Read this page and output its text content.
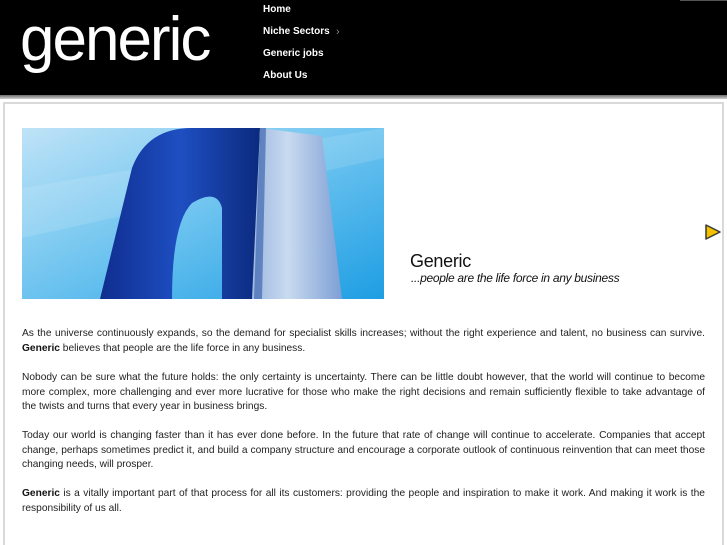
generic	Home
Niche Sectors ›
Generic jobs
About Us
Generic
...people are the life force in any business

As the universe continuously expands, so the demand for specialist skills increases; without the right experience and talent, no business can survive. Generic believes that people are the life force in any business.

Nobody can be sure what the future holds: the only certainty is uncertainty. There can be little doubt however, that the world will continue to become more complex, more challenging and ever more lucrative for those who make the right decisions and remain sufficiently flexible to take advantage of the twists and turns that every year in business brings.

Today our world is changing faster than it has ever done before. In the future that rate of change will continue to accelerate. Companies that accept change, perhaps sometimes predict it, and build a company structure and encourage a corporate outlook of continuous reinvention that can meet those changing needs, will prosper.

Generic is a vitally important part of that process for all its customers: providing the people and inspiration to make it work. And making it work is the responsibility of us all.
